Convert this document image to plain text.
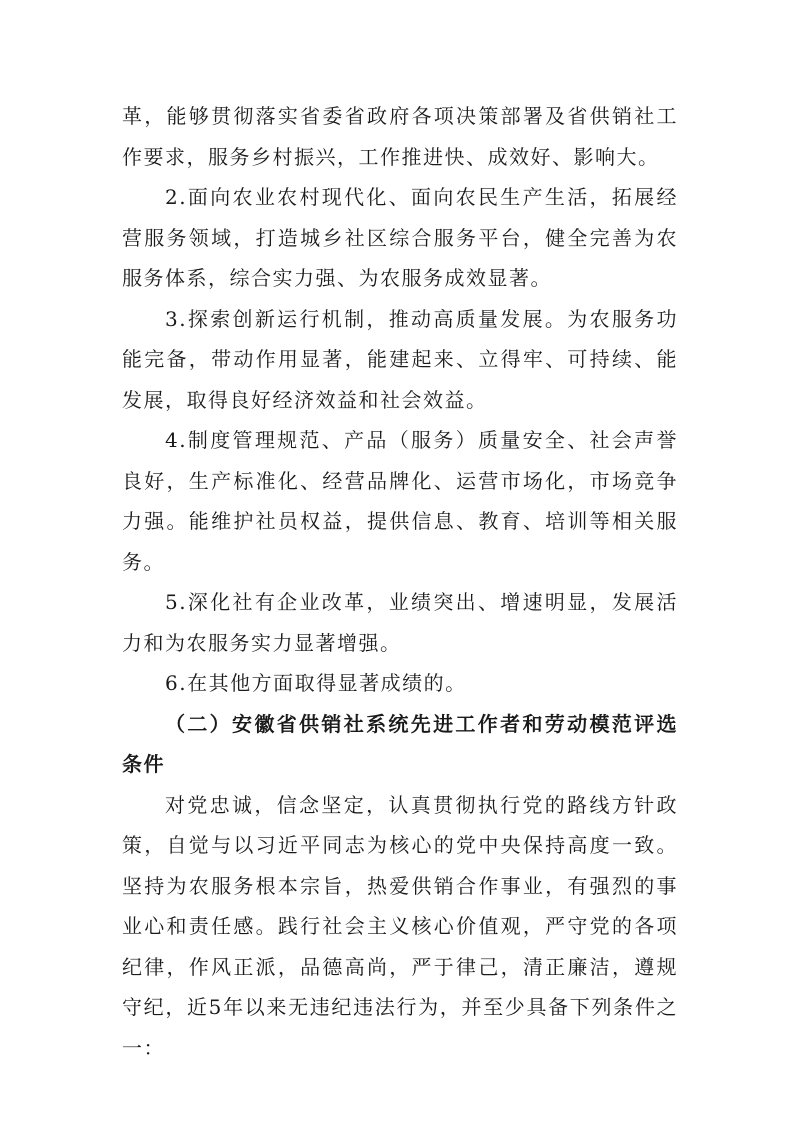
革，能够贯彻落实省委省政府各项决策部署及省供销社工作要求，服务乡村振兴，工作推进快、成效好、影响大。

2.面向农业农村现代化、面向农民生产生活，拓展经营服务领域，打造城乡社区综合服务平台，健全完善为农服务体系，综合实力强、为农服务成效显著。

3.探索创新运行机制，推动高质量发展。为农服务功能完备，带动作用显著，能建起来、立得牢、可持续、能发展，取得良好经济效益和社会效益。

4.制度管理规范、产品（服务）质量安全、社会声誉良好，生产标准化、经营品牌化、运营市场化，市场竞争力强。能维护社员权益，提供信息、教育、培训等相关服务。

5.深化社有企业改革，业绩突出、增速明显，发展活力和为农服务实力显著增强。

6.在其他方面取得显著成绩的。

（二）安徽省供销社系统先进工作者和劳动模范评选条件

对党忠诚，信念坚定，认真贯彻执行党的路线方针政策，自觉与以习近平同志为核心的党中央保持高度一致。坚持为农服务根本宗旨，热爱供销合作事业，有强烈的事业心和责任感。践行社会主义核心价值观，严守党的各项纪律，作风正派，品德高尚，严于律己，清正廉洁，遵规守纪，近5年以来无违纪违法行为，并至少具备下列条件之一：
